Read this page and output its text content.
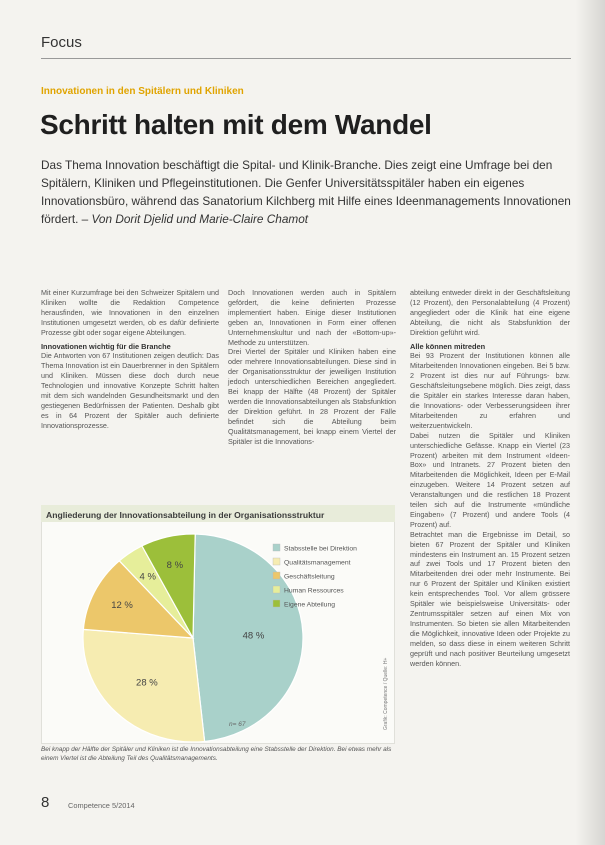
Focus
Innovationen in den Spitälern und Kliniken
Schritt halten mit dem Wandel
Das Thema Innovation beschäftigt die Spital- und Klinik-Branche. Dies zeigt eine Umfrage bei den Spitälern, Kliniken und Pflegeinstitutionen. Die Genfer Universitätsspitäler haben ein eigenes Innovationsbüro, während das Sanatorium Kilchberg mit Hilfe eines Ideenmanagements Innovationen fördert. – Von Dorit Djelid und Marie-Claire Chamot

Mit einer Kurzumfrage bei den Schweizer Spitälern und Kliniken wollte die Redaktion Competence herausfinden, wie Innovationen in den einzelnen Institutionen umgesetzt werden, ob es dafür definierte Prozesse gibt oder sogar eigene Abteilungen.

Innovationen wichtig für die Branche

Die Antworten von 67 Institutionen zeigen deutlich: Das Thema Innovation ist ein Dauerbrenner in den Spitälern und Kliniken. Müssen diese doch durch neue Technologien und innovative Konzepte Schritt halten mit dem sich wandelnden Gesundheitsmarkt und den gestiegenen Bedürfnissen der Patienten. Deshalb gibt es in 64 Prozent der Spitäler auch definierte Innovationsprozesse.

Doch Innovationen werden auch in Spitälern gefördert, die keine definierten Prozesse implementiert haben. Einige dieser Institutionen geben an, Innovationen in Form einer offenen Unternehmenskultur und nach der «Bottom-up»-Methode zu unterstützen.

Drei Viertel der Spitäler und Kliniken haben eine oder mehrere Innovationsabteilungen. Diese sind in der Organisationsstruktur der jeweiligen Institution jedoch unterschiedlichen Bereichen angegliedert. Bei knapp der Hälfte (48 Prozent) der Spitäler werden die Innovationsabteilungen als Stabsfunktion der Direktion geführt. In 28 Prozent der Fälle befindet sich die Abteilung beim Qualitätsmanagement, bei knapp einem Viertel der Spitäler ist die Innovations-

abteilung entweder direkt in der Geschäftsleitung (12 Prozent), den Personalabteilung (4 Prozent) angegliedert oder die Klinik hat eine eigene Abteilung, die nicht als Stabsfunktion der Direktion geführt wird.

Alle können mitreden

Bei 93 Prozent der Institutionen können alle Mitarbeitenden Innovationen eingeben. Bei 5 bzw. 2 Prozent ist dies nur auf Führungs- bzw. Geschäftsleitungsebene möglich. Dies zeigt, dass die Spitäler ein starkes Interesse daran haben, die Innovations- oder Verbesserungsideen ihrer Mitarbeitenden zu erfahren und weiterzuentwickeln.

Dabei nutzen die Spitäler und Kliniken unterschiedliche Gefässe. Knapp ein Viertel (23 Prozent) arbeiten mit dem Instrument «Ideen-Box» und Intranets. 27 Prozent bieten den Mitarbeitenden die Möglichkeit, Ideen per E-Mail einzugeben. Weitere 14 Prozent setzen auf Veranstaltungen und die restlichen 18 Prozent teilen sich auf die Instrumente «mündliche Eingaben» (7 Prozent) und andere Tools (4 Prozent) auf.

Betrachtet man die Ergebnisse im Detail, so bieten 67 Prozent der Spitäler und Kliniken mindestens ein Instrument an. 15 Prozent setzen auf zwei Tools und 17 Prozent bieten den Mitarbeitenden drei oder mehr Instrumente. Bei nur 6 Prozent der Spitäler und Kliniken existiert kein entsprechendes Tool. Vor allem grössere Spitäler wie beispielsweise Universitäts- oder Zentrumsspitäler setzen auf einen Mix von Instrumenten. So bieten sie allen Mitarbeitenden die Möglichkeit, innovative Ideen oder Projekte zu melden, so dass diese in einem weiteren Schritt geprüft und nach positiver Beurteilung umgesetzt werden können.

Angliederung der Innovationsabteilung in der Organisationsstruktur
48 %
28 %
12 %
4 %
8 %
Stabsstelle bei Direktion
Qualitätsmanagement
Geschäftsleitung
Human Ressources
Eigene Abteilung
n= 67	Grafik: Competence / Quelle: H+
Bei knapp der Hälfte der Spitäler und Kliniken ist die Innovationsabteilung eine Stabsstelle der Direktion. Bei etwas mehr als einem Viertel ist die Abteilung Teil des Qualitätsmanagements.
8	Competence 5/2014
